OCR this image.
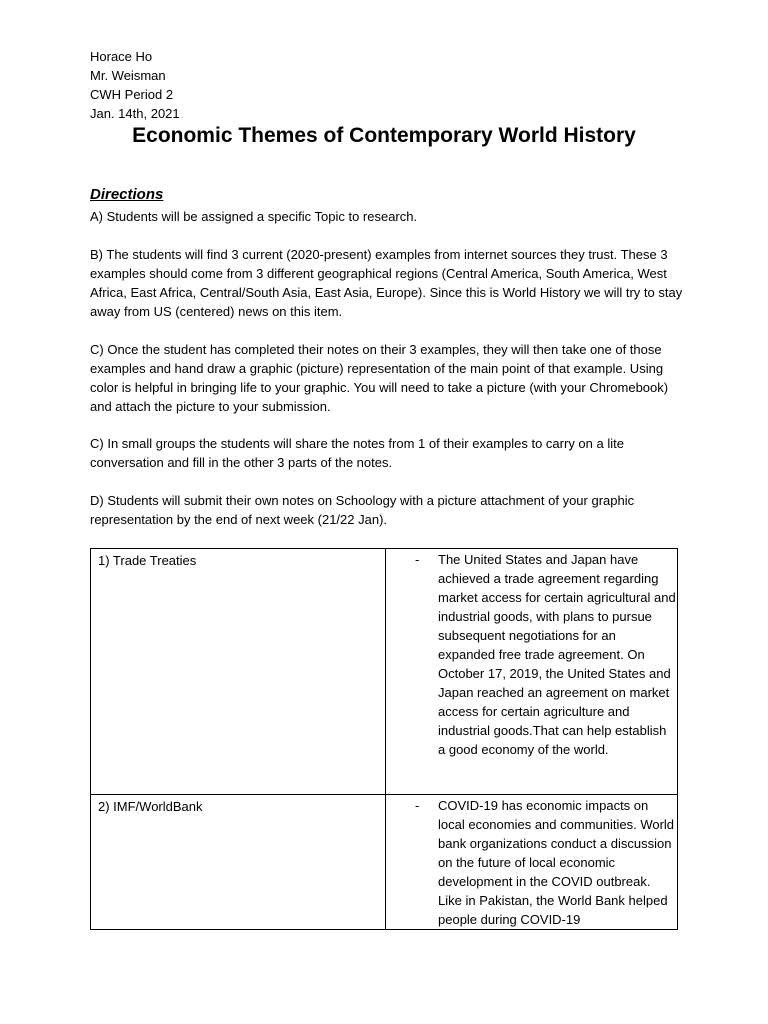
Horace Ho
Mr. Weisman
CWH Period 2
Jan. 14th, 2021
Economic Themes of Contemporary World History
Directions
A) Students will be assigned a specific Topic to research.
B) The students will find 3 current (2020-present) examples from internet sources they trust. These 3 examples should come from 3 different geographical regions (Central America, South America, West Africa, East Africa, Central/South Asia, East Asia, Europe). Since this is World History we will try to stay away from US (centered) news on this item.
C) Once the student has completed their notes on their 3 examples, they will then take one of those examples and hand draw a graphic (picture) representation of the main point of that example. Using color is helpful in bringing life to your graphic. You will need to take a picture (with your Chromebook) and attach the picture to your submission.
C) In small groups the students will share the notes from 1 of their examples to carry on a lite conversation and fill in the other 3 parts of the notes.
D) Students will submit their own notes on Schoology with a picture attachment of your graphic representation by the end of next week (21/22 Jan).
1) Trade Treaties	- The United States and Japan have achieved a trade agreement regarding market access for certain agricultural and industrial goods, with plans to pursue subsequent negotiations for an expanded free trade agreement. On October 17, 2019, the United States and Japan reached an agreement on market access for certain agriculture and industrial goods.That can help establish a good economy of the world.

2) IMF/WorldBank	- COVID-19 has economic impacts on local economies and communities. World bank organizations conduct a discussion on the future of local economic development in the COVID outbreak. Like in Pakistan, the World Bank helped people during COVID-19
